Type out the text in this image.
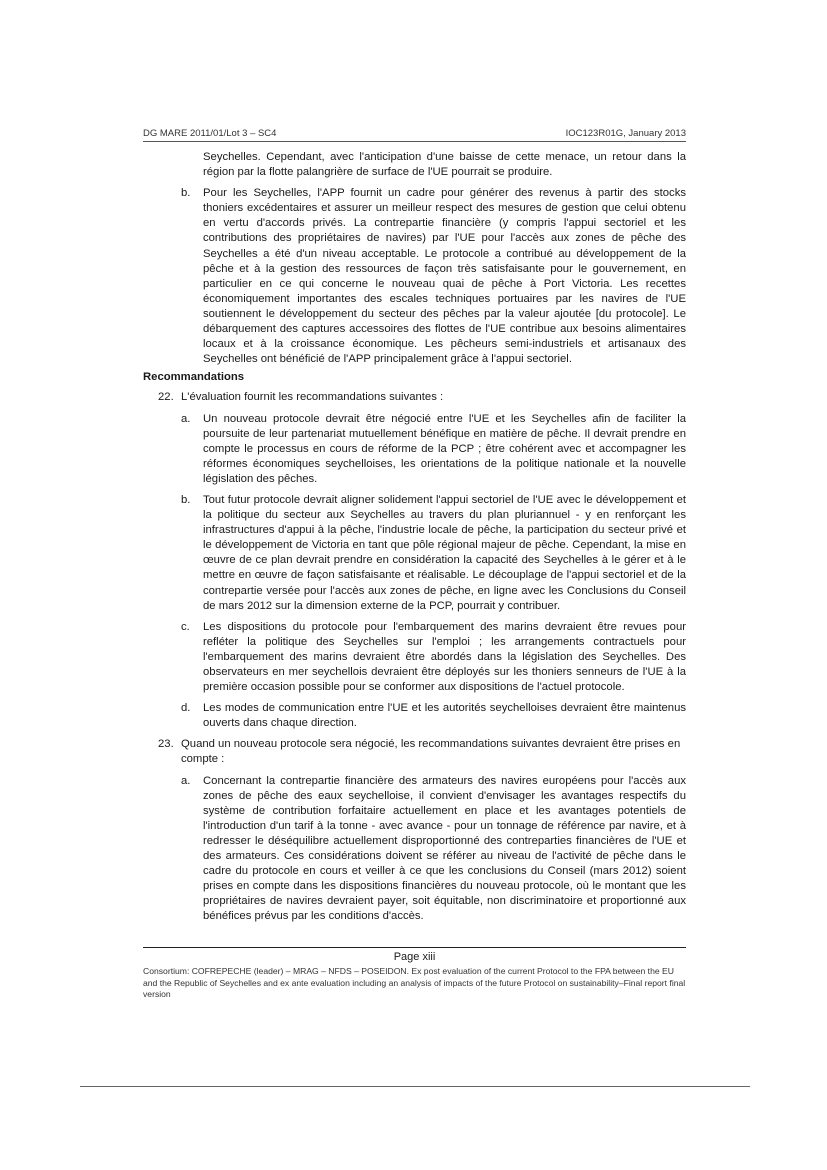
DG MARE 2011/01/Lot 3 – SC4	IOC123R01G, January 2013
Seychelles. Cependant, avec l'anticipation d'une baisse de cette menace, un retour dans la région par la flotte palangrière de surface de l'UE pourrait se produire.
b. Pour les Seychelles, l'APP fournit un cadre pour générer des revenus à partir des stocks thoniers excédentaires et assurer un meilleur respect des mesures de gestion que celui obtenu en vertu d'accords privés. La contrepartie financière (y compris l'appui sectoriel et les contributions des propriétaires de navires) par l'UE pour l'accès aux zones de pêche des Seychelles a été d'un niveau acceptable. Le protocole a contribué au développement de la pêche et à la gestion des ressources de façon très satisfaisante pour le gouvernement, en particulier en ce qui concerne le nouveau quai de pêche à Port Victoria. Les recettes économiquement importantes des escales techniques portuaires par les navires de l'UE soutiennent le développement du secteur des pêches par la valeur ajoutée [du protocole]. Le débarquement des captures accessoires des flottes de l'UE contribue aux besoins alimentaires locaux et à la croissance économique. Les pêcheurs semi-industriels et artisanaux des Seychelles ont bénéficié de l'APP principalement grâce à l'appui sectoriel.
Recommandations
22. L'évaluation fournit les recommandations suivantes :
a. Un nouveau protocole devrait être négocié entre l'UE et les Seychelles afin de faciliter la poursuite de leur partenariat mutuellement bénéfique en matière de pêche. Il devrait prendre en compte le processus en cours de réforme de la PCP ; être cohérent avec et accompagner les réformes économiques seychelloises, les orientations de la politique nationale et la nouvelle législation des pêches.
b. Tout futur protocole devrait aligner solidement l'appui sectoriel de l'UE avec le développement et la politique du secteur aux Seychelles au travers du plan pluriannuel - y en renforçant les infrastructures d'appui à la pêche, l'industrie locale de pêche, la participation du secteur privé et le développement de Victoria en tant que pôle régional majeur de pêche. Cependant, la mise en œuvre de ce plan devrait prendre en considération la capacité des Seychelles à le gérer et à le mettre en œuvre de façon satisfaisante et réalisable. Le découplage de l'appui sectoriel et de la contrepartie versée pour l'accès aux zones de pêche, en ligne avec les Conclusions du Conseil de mars 2012 sur la dimension externe de la PCP, pourrait y contribuer.
c. Les dispositions du protocole pour l'embarquement des marins devraient être revues pour refléter la politique des Seychelles sur l'emploi ; les arrangements contractuels pour l'embarquement des marins devraient être abordés dans la législation des Seychelles. Des observateurs en mer seychellois devraient être déployés sur les thoniers senneurs de l'UE à la première occasion possible pour se conformer aux dispositions de l'actuel protocole.
d. Les modes de communication entre l'UE et les autorités seychelloises devraient être maintenus ouverts dans chaque direction.
23. Quand un nouveau protocole sera négocié, les recommandations suivantes devraient être prises en compte :
a. Concernant la contrepartie financière des armateurs des navires européens pour l'accès aux zones de pêche des eaux seychelloise, il convient d'envisager les avantages respectifs du système de contribution forfaitaire actuellement en place et les avantages potentiels de l'introduction d'un tarif à la tonne - avec avance - pour un tonnage de référence par navire, et à redresser le déséquilibre actuellement disproportionné des contreparties financières de l'UE et des armateurs. Ces considérations doivent se référer au niveau de l'activité de pêche dans le cadre du protocole en cours et veiller à ce que les conclusions du Conseil (mars 2012) soient prises en compte dans les dispositions financières du nouveau protocole, où le montant que les propriétaires de navires devraient payer, soit équitable, non discriminatoire et proportionné aux bénéfices prévus par les conditions d'accès.
Page xiii
Consortium: COFREPECHE (leader) – MRAG – NFDS – POSEIDON. Ex post evaluation of the current Protocol to the FPA between the EU and the Republic of Seychelles and ex ante evaluation including an analysis of impacts of the future Protocol on sustainability–Final report final version
